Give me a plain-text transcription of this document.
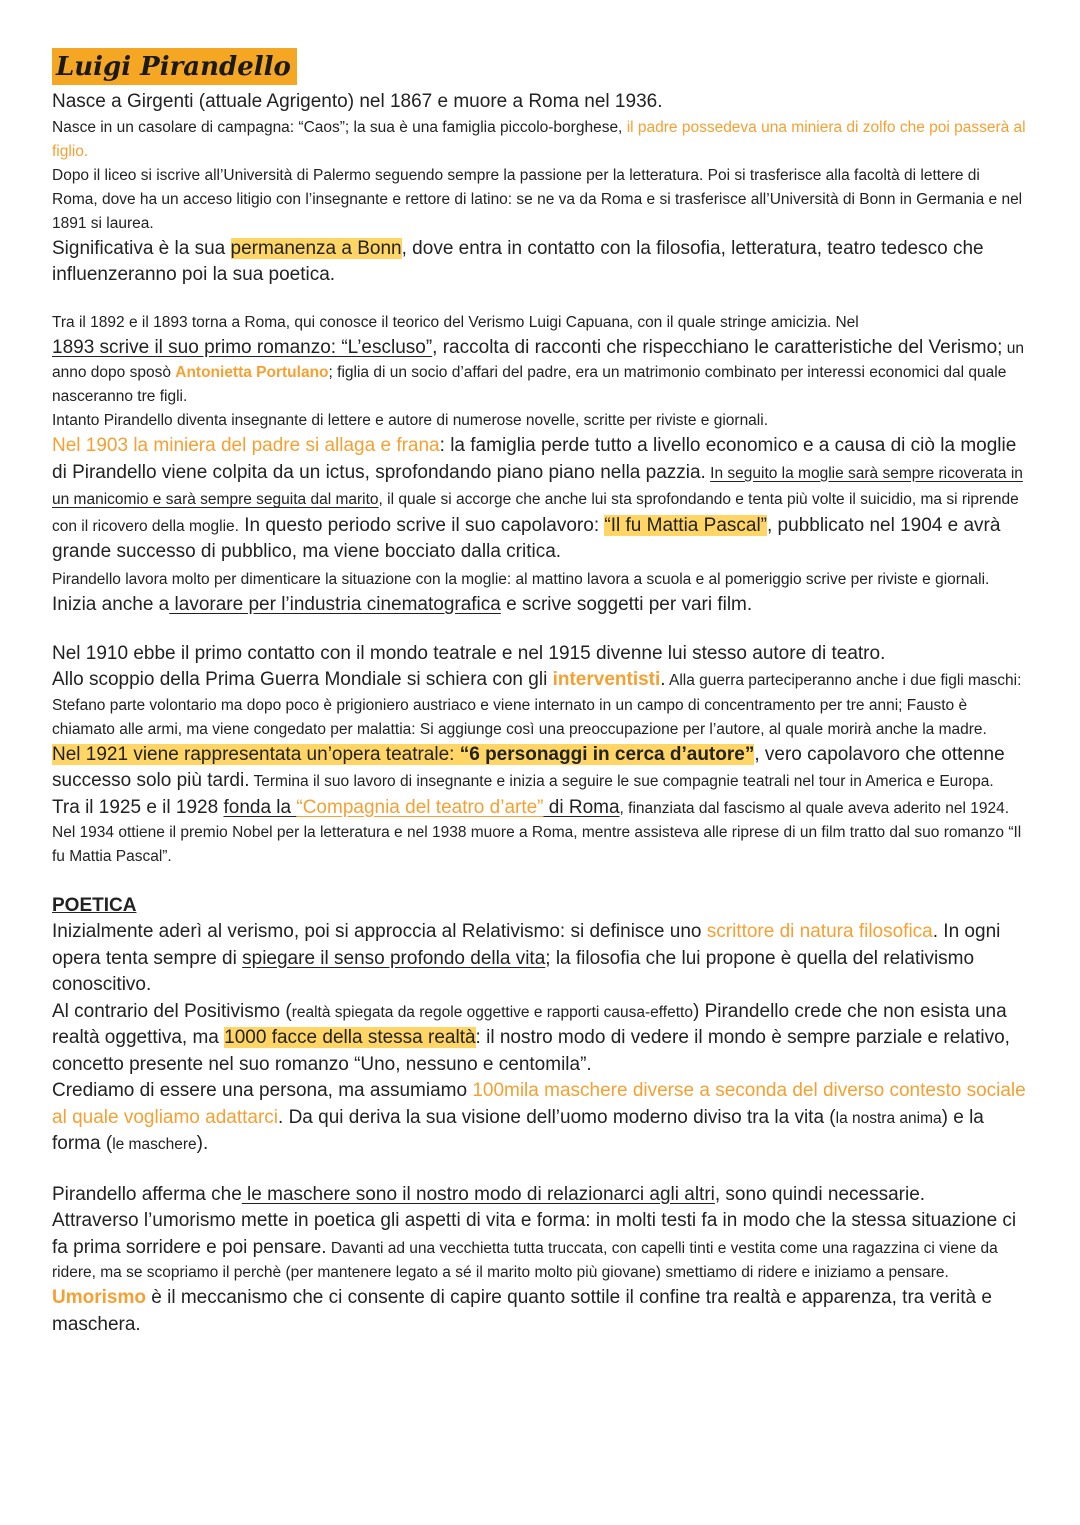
Luigi Pirandello

Nasce a Girgenti (attuale Agrigento) nel 1867 e muore a Roma nel 1936.

Nasce in un casolare di campagna: “Caos”; la sua è una famiglia piccolo-borghese, il padre possedeva una miniera di zolfo che poi passerà al figlio.

Dopo il liceo si iscrive all’Università di Palermo seguendo sempre la passione per la letteratura. Poi si trasferisce alla facoltà di lettere di Roma, dove ha un acceso litigio con l’insegnante e rettore di latino: se ne va da Roma e si trasferisce all’Università di Bonn in Germania e nel 1891 si laurea.

Significativa è la sua permanenza a Bonn, dove entra in contatto con la filosofia, letteratura, teatro tedesco che influenzeranno poi la sua poetica.

Tra il 1892 e il 1893 torna a Roma, qui conosce il teorico del Verismo Luigi Capuana, con il quale stringe amicizia. Nel

1893 scrive il suo primo romanzo: “L’escluso”, raccolta di racconti che rispecchiano le caratteristiche del Verismo; un anno dopo sposò Antonietta Portulano; figlia di un socio d’affari del padre, era un matrimonio combinato per interessi economici dal quale nasceranno tre figli.

Intanto Pirandello diventa insegnante di lettere e autore di numerose novelle, scritte per riviste e giornali.

Nel 1903 la miniera del padre si allaga e frana: la famiglia perde tutto a livello economico e a causa di ciò la moglie di Pirandello viene colpita da un ictus, sprofondando piano piano nella pazzia. In seguito la moglie sarà sempre ricoverata in un manicomio e sarà sempre seguita dal marito, il quale si accorge che anche lui sta sprofondando e tenta più volte il suicidio, ma si riprende con il ricovero della moglie. In questo periodo scrive il suo capolavoro: “Il fu Mattia Pascal”, pubblicato nel 1904 e avrà grande successo di pubblico, ma viene bocciato dalla critica.

Pirandello lavora molto per dimenticare la situazione con la moglie: al mattino lavora a scuola e al pomeriggio scrive per riviste e giornali. Inizia anche a lavorare per l’industria cinematografica e scrive soggetti per vari film.

Nel 1910 ebbe il primo contatto con il mondo teatrale e nel 1915 divenne lui stesso autore di teatro.

Allo scoppio della Prima Guerra Mondiale si schiera con gli interventisti. Alla guerra parteciperanno anche i due figli maschi: Stefano parte volontario ma dopo poco è prigioniero austriaco e viene internato in un campo di concentramento per tre anni; Fausto è chiamato alle armi, ma viene congedato per malattia: Si aggiunge così una preoccupazione per l’autore, al quale morirà anche la madre.

Nel 1921 viene rappresentata un’opera teatrale: “6 personaggi in cerca d’autore”, vero capolavoro che ottenne successo solo più tardi. Termina il suo lavoro di insegnante e inizia a seguire le sue compagnie teatrali nel tour in America e Europa.

Tra il 1925 e il 1928 fonda la “Compagnia del teatro d’arte” di Roma, finanziata dal fascismo al quale aveva aderito nel 1924.

Nel 1934 ottiene il premio Nobel per la letteratura e nel 1938 muore a Roma, mentre assisteva alle riprese di un film tratto dal suo romanzo “Il fu Mattia Pascal”.

POETICA

Inizialmente aderì al verismo, poi si approccia al Relativismo: si definisce uno scrittore di natura filosofica. In ogni opera tenta sempre di spiegare il senso profondo della vita; la filosofia che lui propone è quella del relativismo conoscitivo.

Al contrario del Positivismo (realtà spiegata da regole oggettive e rapporti causa-effetto) Pirandello crede che non esista una realtà oggettiva, ma 1000 facce della stessa realtà: il nostro modo di vedere il mondo è sempre parziale e relativo, concetto presente nel suo romanzo “Uno, nessuno e centomila”.

Crediamo di essere una persona, ma assumiamo 100mila maschere diverse a seconda del diverso contesto sociale al quale vogliamo adattarci. Da qui deriva la sua visione dell’uomo moderno diviso tra la vita (la nostra anima) e la forma (le maschere).

Pirandello afferma che le maschere sono il nostro modo di relazionarci agli altri, sono quindi necessarie.

Attraverso l’umorismo mette in poetica gli aspetti di vita e forma: in molti testi fa in modo che la stessa situazione ci fa prima sorridere e poi pensare. Davanti ad una vecchietta tutta truccata, con capelli tinti e vestita come una ragazzina ci viene da ridere, ma se scopriamo il perchè (per mantenere legato a sé il marito molto più giovane) smettiamo di ridere e iniziamo a pensare.

Umorismo è il meccanismo che ci consente di capire quanto sottile il confine tra realtà e apparenza, tra verità e maschera.
